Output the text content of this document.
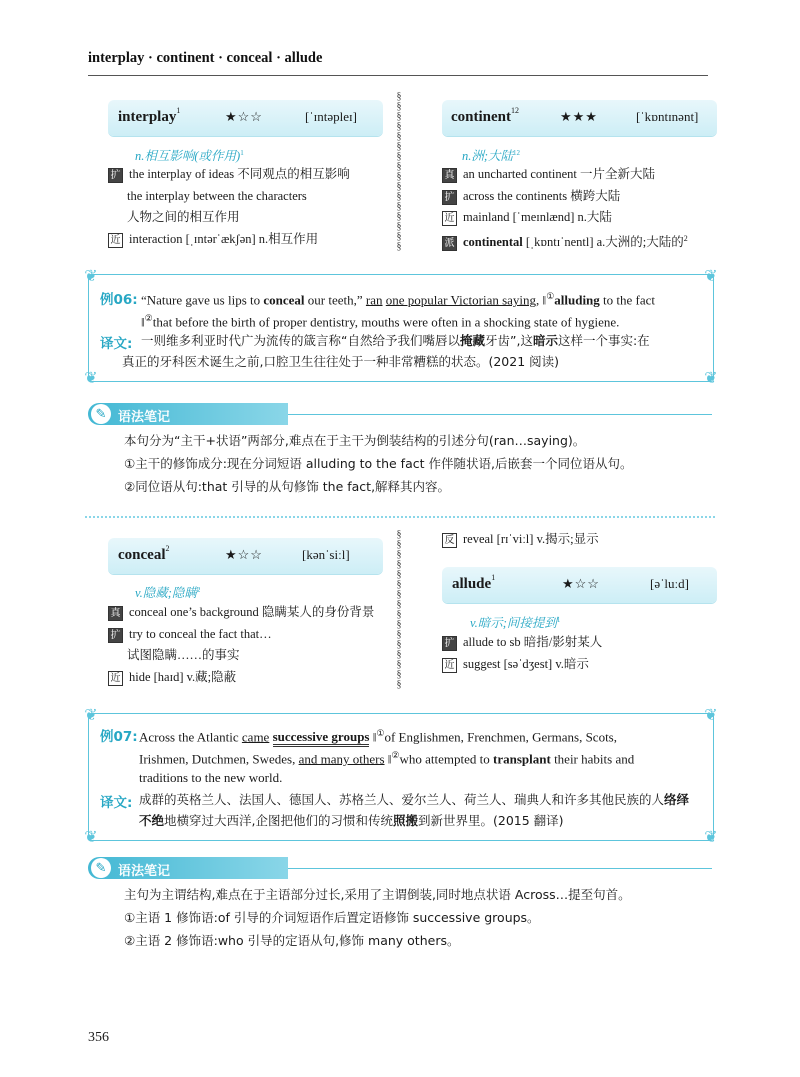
interplay · continent · conceal · allude
interplay$^1$	★☆☆	[ˈɪntəpleɪ]
n.相互影响(或作用)$^1$
扩 the interplay of ideas 不同观点的相互影响
the interplay between the characters
人物之间的相互作用
近 interaction [ˌɪntərˈækʃən] n.相互作用
§
§
§
§
§
§
§
§
§
§
§
§
§
§
§
§
continent$^{12}$	★★★	[ˈkɒntɪnənt]
n.洲;大陆$^{12}$
真 an uncharted continent 一片全新大陆
扩 across the continents 横跨大陆
近 mainland [ˈmeɪnlænd] n.大陆
派 continental [ˌkɒntɪˈnentl] a.大洲的;大陆的$^2$
❦	❦
❦	❦
例06: “Nature gave us lips to conceal our teeth,” ran one popular Victorian saying, ‖①alluding to the fact
‖②that before the birth of proper dentistry, mouths were often in a shocking state of hygiene.
译文: 一则维多利亚时代广为流传的箴言称“自然给予我们嘴唇以掩藏牙齿”,这暗示这样一个事实:在
真正的牙科医术诞生之前,口腔卫生往往处于一种非常糟糕的状态。(2021 阅读)
✎ 语法笔记
本句分为“主干+状语”两部分,难点在于主干为倒装结构的引述分句(ran…saying)。
①主干的修饰成分:现在分词短语 alluding to the fact 作伴随状语,后嵌套一个同位语从句。
②同位语从句:that 引导的从句修饰 the fact,解释其内容。
conceal$^2$	★☆☆	[kənˈsiːl]
v.隐藏;隐瞒$^2$
真 conceal one’s background 隐瞒某人的身份背景
扩 try to conceal the fact that…
试图隐瞒……的事实
近 hide [haɪd] v.藏;隐蔽
§
§
§
§
§
§
§
§
§
§
§
§
§
§
§
§
反 reveal [rɪˈviːl] v.揭示;显示
allude$^1$	★☆☆	[əˈluːd]
v.暗示;间接提到$^1$
扩 allude to sb 暗指/影射某人
近 suggest [səˈdʒest] v.暗示
❦	❦
❦	❦
例07: Across the Atlantic came successive groups ‖①of Englishmen, Frenchmen, Germans, Scots,
Irishmen, Dutchmen, Swedes, and many others ‖②who attempted to transplant their habits and
traditions to the new world.
译文: 成群的英格兰人、法国人、德国人、苏格兰人、爱尔兰人、荷兰人、瑞典人和许多其他民族的人络绎
不绝地横穿过大西洋,企图把他们的习惯和传统照搬到新世界里。(2015 翻译)
✎ 语法笔记
主句为主谓结构,难点在于主语部分过长,采用了主谓倒装,同时地点状语 Across…提至句首。
①主语 1 修饰语:of 引导的介词短语作后置定语修饰 successive groups。
②主语 2 修饰语:who 引导的定语从句,修饰 many others。
356
